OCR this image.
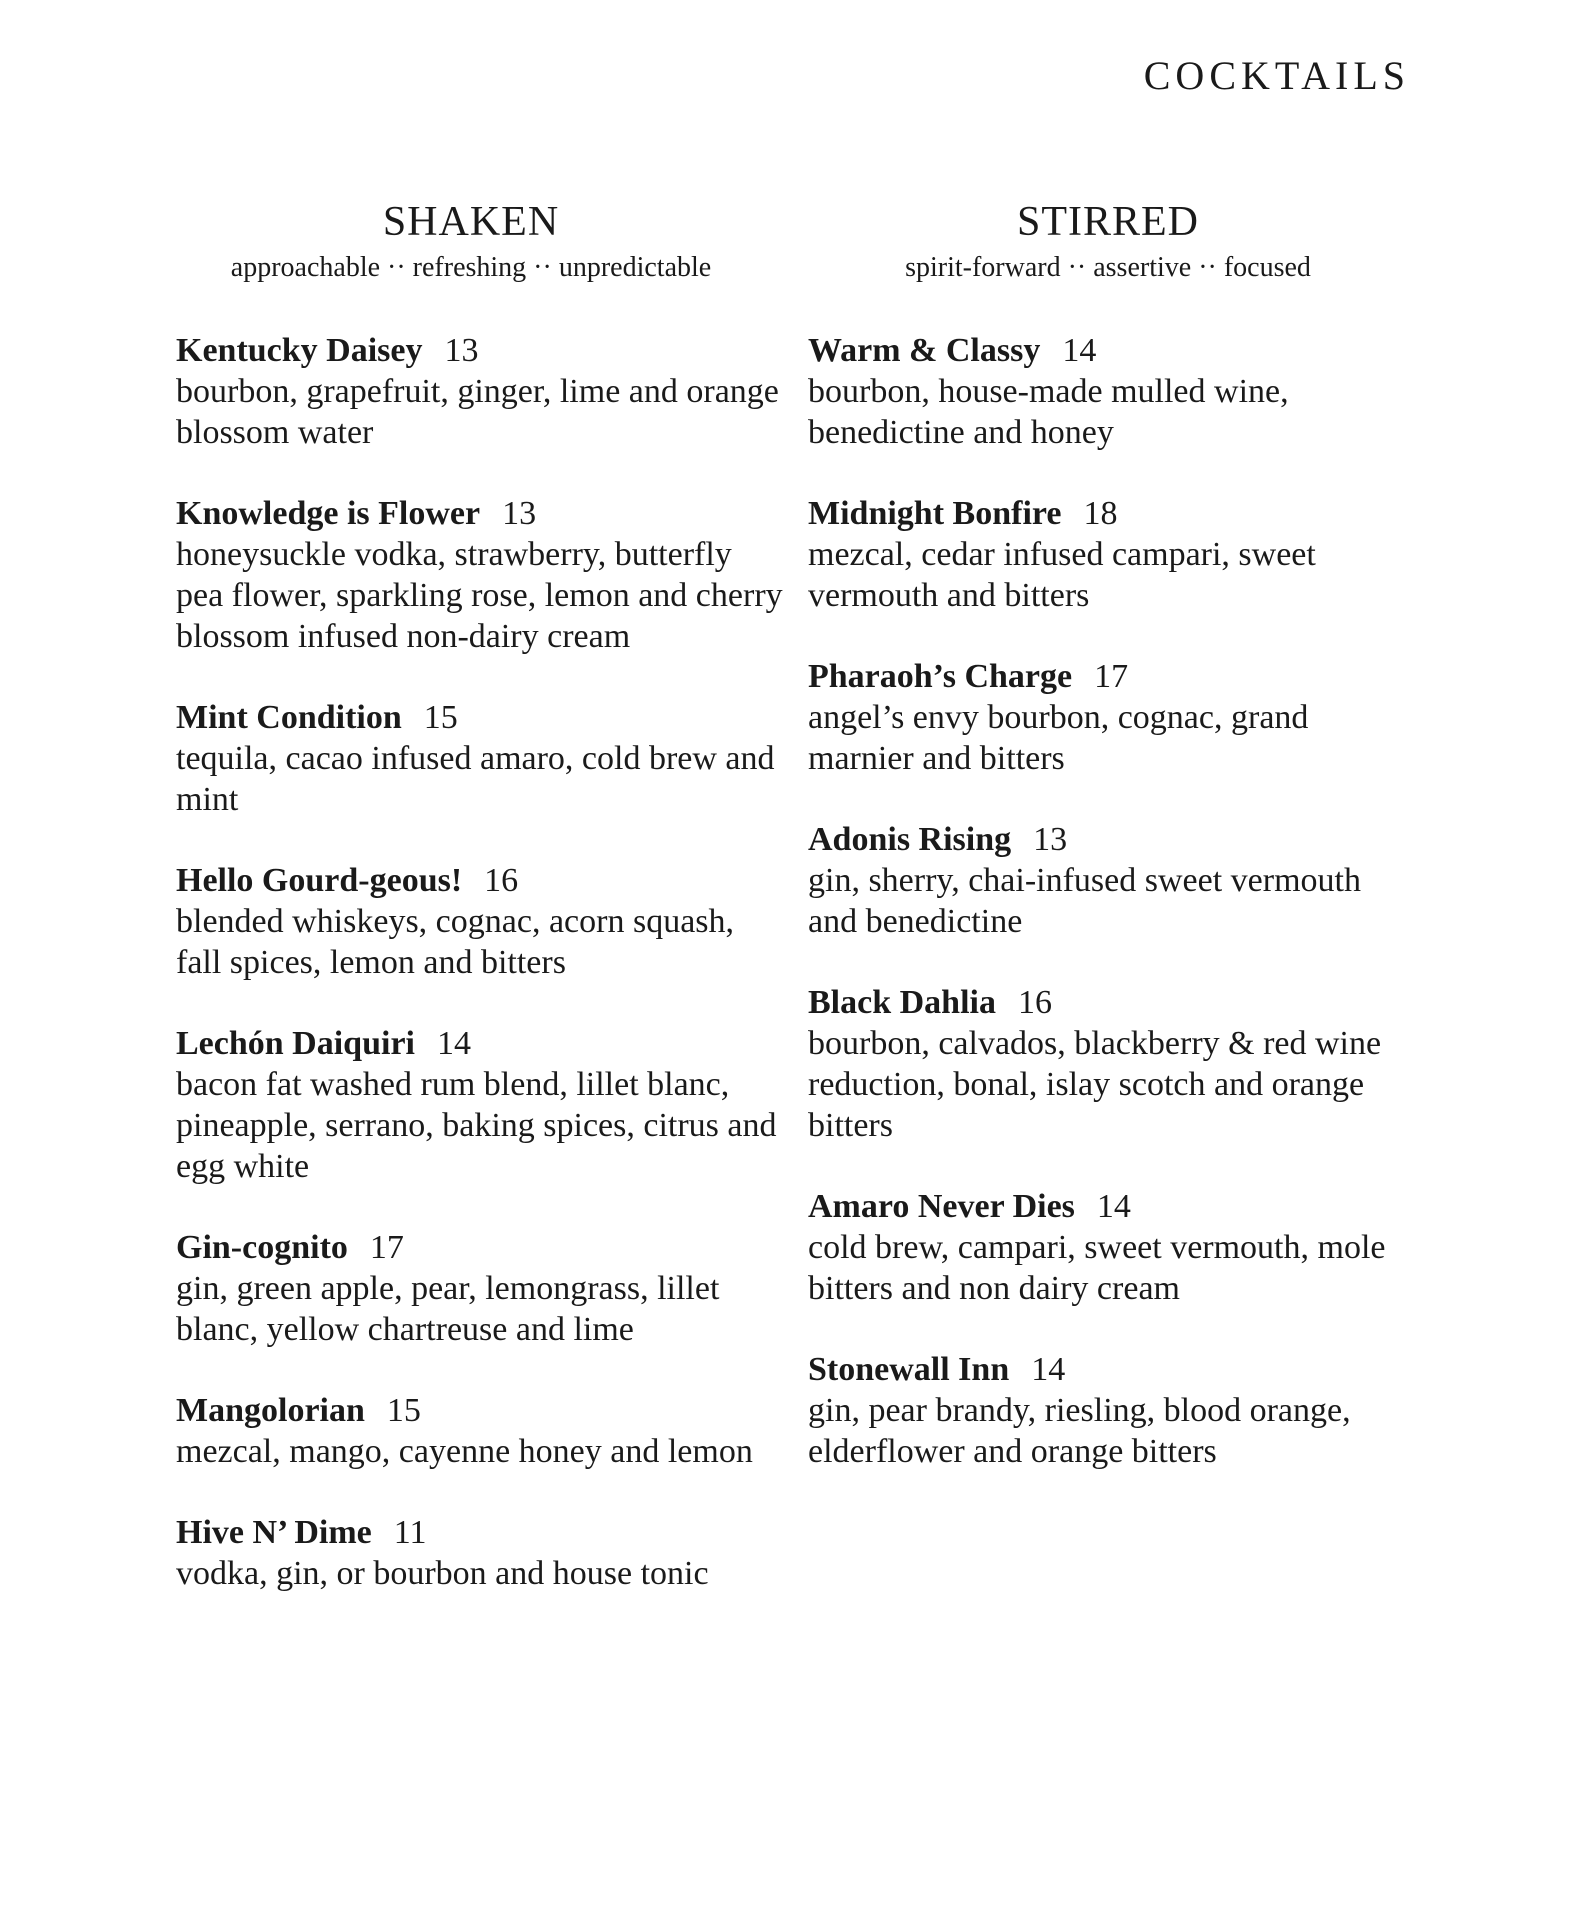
COCKTAILS
SHAKEN
approachable ·· refreshing ·· unpredictable
Kentucky Daisey 13
bourbon, grapefruit, ginger, lime and orange blossom water
Knowledge is Flower 13
honeysuckle vodka, strawberry, butterfly pea flower, sparkling rose, lemon and cherry blossom infused non-dairy cream
Mint Condition 15
tequila, cacao infused amaro, cold brew and mint
Hello Gourd-geous! 16
blended whiskeys, cognac, acorn squash, fall spices, lemon and bitters
Lechón Daiquiri 14
bacon fat washed rum blend, lillet blanc, pineapple, serrano, baking spices, citrus and egg white
Gin-cognito 17
gin, green apple, pear, lemongrass, lillet blanc, yellow chartreuse and lime
Mangolorian 15
mezcal, mango, cayenne honey and lemon
Hive N’ Dime 11
vodka, gin, or bourbon and house tonic
STIRRED
spirit-forward ·· assertive ·· focused
Warm & Classy 14
bourbon, house-made mulled wine, benedictine and honey
Midnight Bonfire 18
mezcal, cedar infused campari, sweet vermouth and bitters
Pharaoh’s Charge 17
angel’s envy bourbon, cognac, grand marnier and bitters
Adonis Rising 13
gin, sherry, chai-infused sweet vermouth and benedictine
Black Dahlia 16
bourbon, calvados, blackberry & red wine reduction, bonal, islay scotch and orange bitters
Amaro Never Dies 14
cold brew, campari, sweet vermouth, mole bitters and non dairy cream
Stonewall Inn 14
gin, pear brandy, riesling, blood orange, elderflower and orange bitters
